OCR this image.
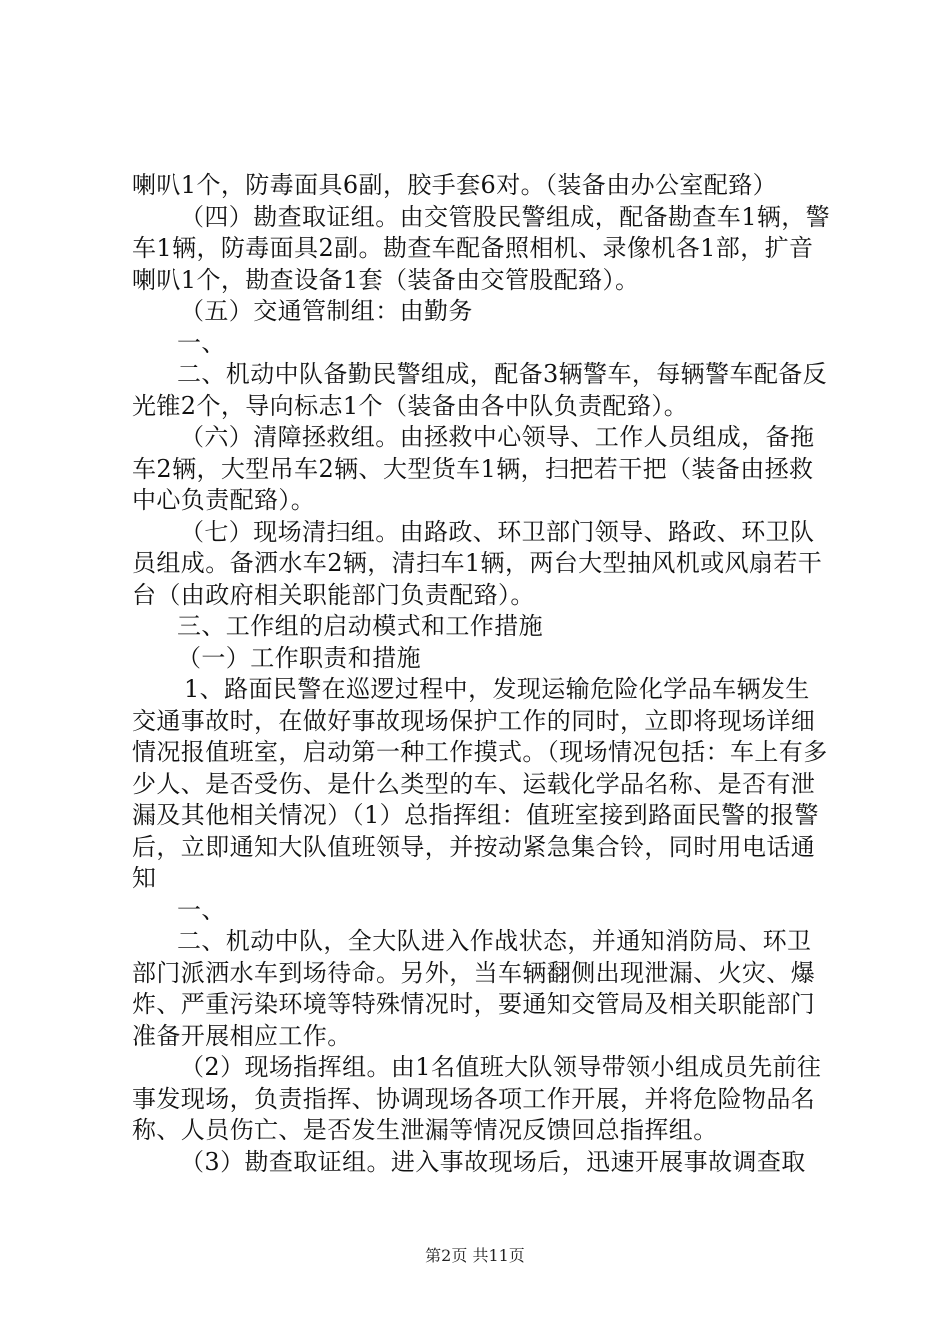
喇叭1个，防毒面具6副，胶手套6对。（装备由办公室配臵）

（四）勘查取证组。由交管股民警组成，配备勘查车1辆，警车1辆，防毒面具2副。勘查车配备照相机、录像机各1部，扩音喇叭1个，勘查设备1套（装备由交管股配臵）。

（五）交通管制组：由勤务

一、

二、机动中队备勤民警组成，配备3辆警车，每辆警车配备反光锥2个，导向标志1个（装备由各中队负责配臵）。

（六）清障拯救组。由拯救中心领导、工作人员组成，备拖车2辆，大型吊车2辆、大型货车1辆，扫把若干把（装备由拯救中心负责配臵）。

（七）现场清扫组。由路政、环卫部门领导、路政、环卫队员组成。备洒水车2辆，清扫车1辆，两台大型抽风机或风扇若干台（由政府相关职能部门负责配臵）。

三、工作组的启动模式和工作措施

（一）工作职责和措施

1、路面民警在巡逻过程中，发现运输危险化学品车辆发生交通事故时，在做好事故现场保护工作的同时，立即将现场详细情况报值班室，启动第一种工作摸式。（现场情况包括：车上有多少人、是否受伤、是什么类型的车、运载化学品名称、是否有泄漏及其他相关情况）（1）总指挥组：值班室接到路面民警的报警后，立即通知大队值班领导，并按动紧急集合铃，同时用电话通知

一、

二、机动中队，全大队进入作战状态，并通知消防局、环卫部门派洒水车到场待命。另外，当车辆翻侧出现泄漏、火灾、爆炸、严重污染环境等特殊情况时，要通知交管局及相关职能部门准备开展相应工作。

（2）现场指挥组。由1名值班大队领导带领小组成员先前往事发现场，负责指挥、协调现场各项工作开展，并将危险物品名称、人员伤亡、是否发生泄漏等情况反馈回总指挥组。

（3）勘查取证组。进入事故现场后，迅速开展事故调查取

第2页 共11页
